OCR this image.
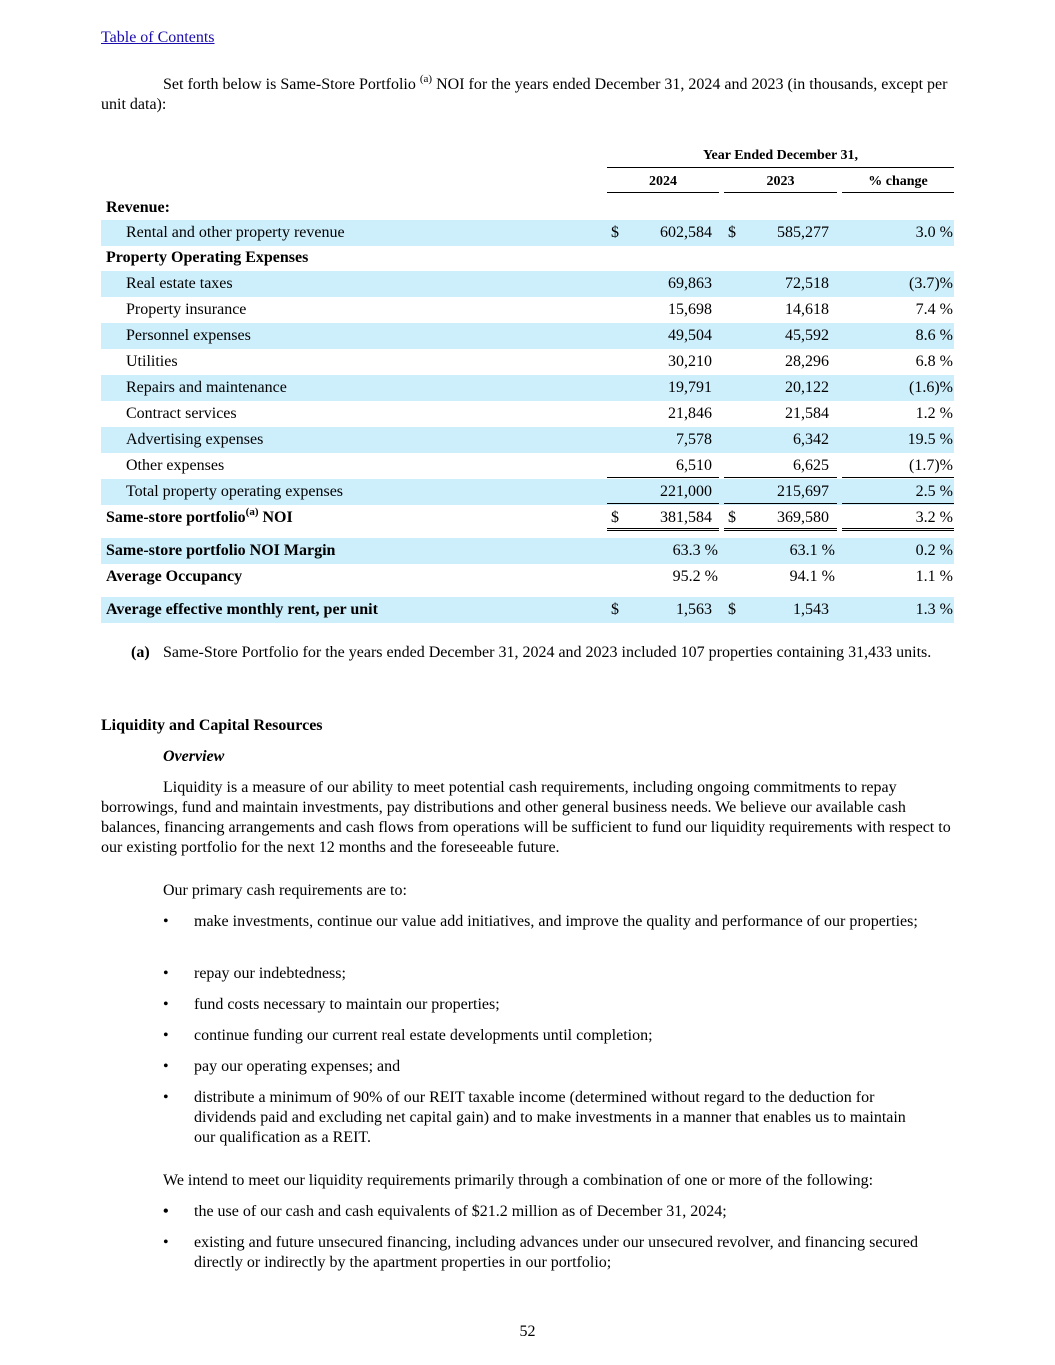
Table of Contents

Set forth below is Same-Store Portfolio $^{(a)}$ NOI for the years ended December 31, 2024 and 2023 (in thousands, except per unit data):

Year Ended December 31,
2024	2023	% change
Revenue:
Rental and other property revenue	$	602,584 $	585,277	3.0 %
Property Operating Expenses
Real estate taxes	69,863	72,518	(3.7)%
Property insurance	15,698	14,618	7.4 %
Personnel expenses	49,504	45,592	8.6 %
Utilities	30,210	28,296	6.8 %
Repairs and maintenance	19,791	20,122	(1.6)%
Contract services	21,846	21,584	1.2 %
Advertising expenses	7,578	6,342	19.5 %
Other expenses	6,510	6,625	(1.7)%
Total property operating expenses	221,000	215,697	2.5 %
Same-store portfolio$^{(a)}$ NOI	$	381,584 $	369,580	3.2 %
Same-store portfolio NOI Margin	63.3 %	63.1 %	0.2 %
Average Occupancy	95.2 %	94.1 %	1.1 %
Average effective monthly rent, per unit	$	1,563 $	1,543	1.3 %
(a) Same-Store Portfolio for the years ended December 31, 2024 and 2023 included 107 properties containing 31,433 units.
Liquidity and Capital Resources
Overview

Liquidity is a measure of our ability to meet potential cash requirements, including ongoing commitments to repay borrowings, fund and maintain investments, pay distributions and other general business needs. We believe our available cash balances, financing arrangements and cash flows from operations will be sufficient to fund our liquidity requirements with respect to our existing portfolio for the next 12 months and the foreseeable future.

Our primary cash requirements are to:
• make investments, continue our value add initiatives, and improve the quality and performance of our properties;
• repay our indebtedness;
• fund costs necessary to maintain our properties;
• continue funding our current real estate developments until completion;
• pay our operating expenses; and
• distribute a minimum of 90% of our REIT taxable income (determined without regard to the deduction for dividends paid and excluding net capital gain) and to make investments in a manner that enables us to maintain our qualification as a REIT.
We intend to meet our liquidity requirements primarily through a combination of one or more of the following:
• the use of our cash and cash equivalents of $21.2 million as of December 31, 2024;
• existing and future unsecured financing, including advances under our unsecured revolver, and financing secured directly or indirectly by the apartment properties in our portfolio;
52
